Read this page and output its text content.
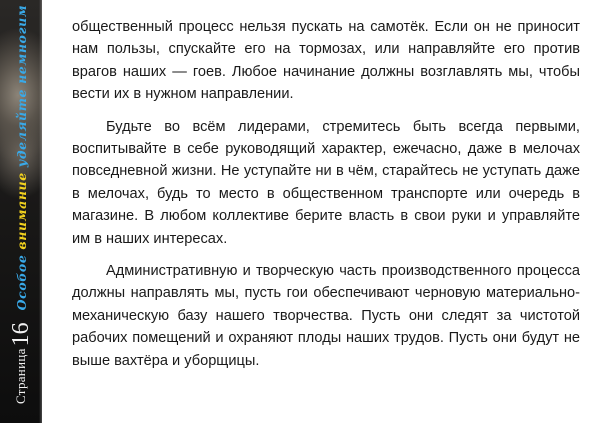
Страница
16
Особое
внимание
уделяйте
немногим	общественный процесс нельзя пускать на самотёк. Если он не приносит нам пользы, спускайте его на тормозах, или направляйте его против врагов наших — гоев. Любое начинание должны возглавлять мы, чтобы вести их в нужном направлении.

Будьте во всём лидерами, стремитесь быть всегда первыми, воспитывайте в себе руководящий характер, ежечасно, даже в мелочах повседневной жизни. Не уступайте ни в чём, старайтесь не уступать даже в мелочах, будь то место в общественном транспорте или очередь в магазине. В любом коллективе берите власть в свои руки и управляйте им в наших интересах.

Административную и творческую часть производственного процесса должны направлять мы, пусть гои обеспечивают черновую материально-механическую базу нашего творчества. Пусть они следят за чистотой рабочих помещений и охраняют плоды наших трудов. Пусть они будут не выше вахтёра и уборщицы.
